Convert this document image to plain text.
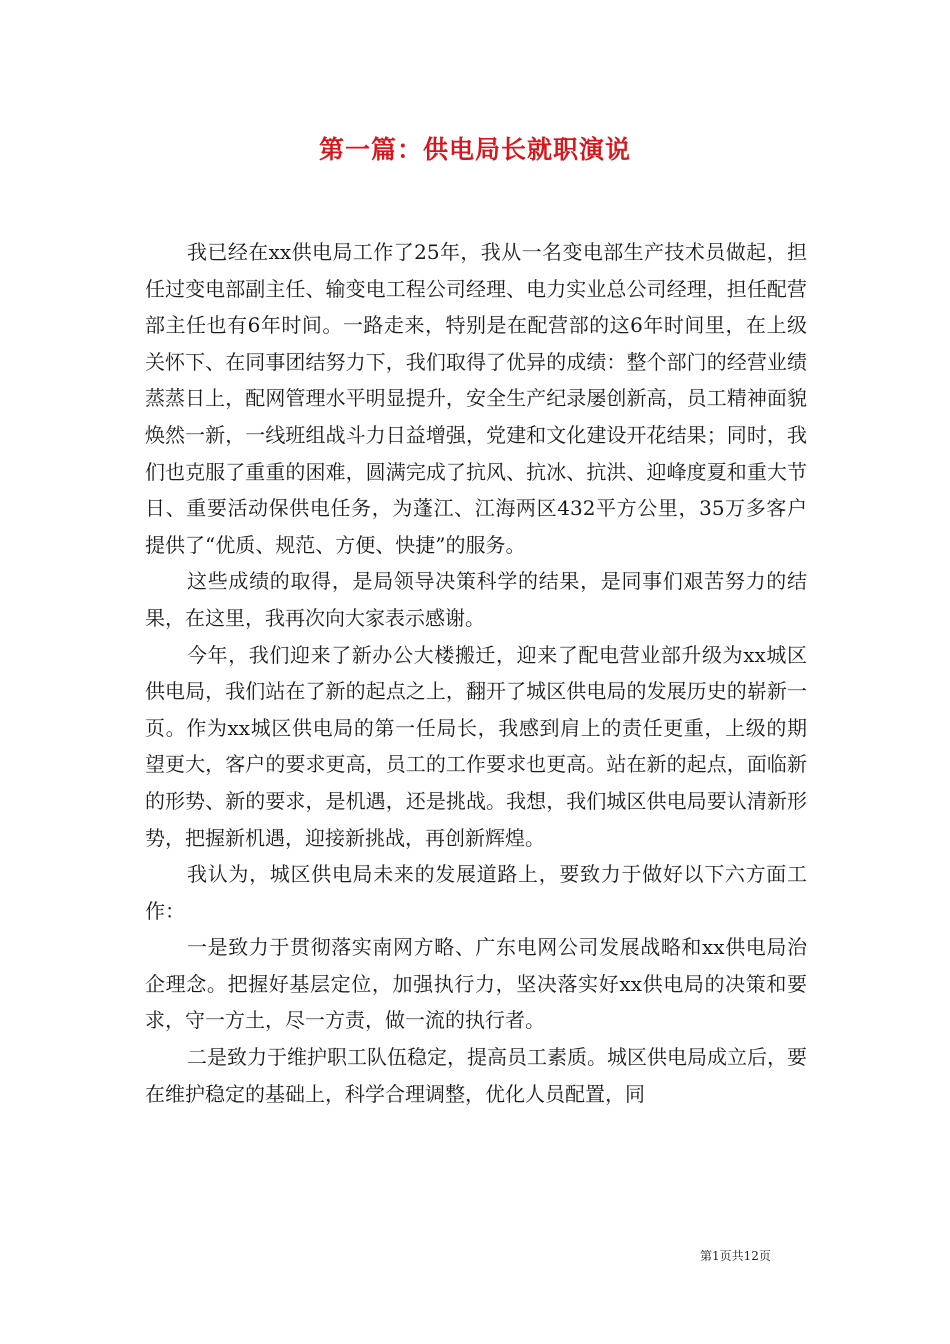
第一篇：供电局长就职演说

我已经在xx供电局工作了25年，我从一名变电部生产技术员做起，担任过变电部副主任、输变电工程公司经理、电力实业总公司经理，担任配营部主任也有6年时间。一路走来，特别是在配营部的这6年时间里，在上级关怀下、在同事团结努力下，我们取得了优异的成绩：整个部门的经营业绩蒸蒸日上，配网管理水平明显提升，安全生产纪录屡创新高，员工精神面貌焕然一新，一线班组战斗力日益增强，党建和文化建设开花结果；同时，我们也克服了重重的困难，圆满完成了抗风、抗冰、抗洪、迎峰度夏和重大节日、重要活动保供电任务，为蓬江、江海两区432平方公里，35万多客户提供了“优质、规范、方便、快捷”的服务。

这些成绩的取得，是局领导决策科学的结果，是同事们艰苦努力的结果，在这里，我再次向大家表示感谢。

今年，我们迎来了新办公大楼搬迁，迎来了配电营业部升级为xx城区供电局，我们站在了新的起点之上，翻开了城区供电局的发展历史的崭新一页。作为xx城区供电局的第一任局长，我感到肩上的责任更重，上级的期望更大，客户的要求更高，员工的工作要求也更高。站在新的起点，面临新的形势、新的要求，是机遇，还是挑战。我想，我们城区供电局要认清新形势，把握新机遇，迎接新挑战，再创新辉煌。

我认为，城区供电局未来的发展道路上，要致力于做好以下六方面工作：

一是致力于贯彻落实南网方略、广东电网公司发展战略和xx供电局治企理念。把握好基层定位，加强执行力，坚决落实好xx供电局的决策和要求，守一方土，尽一方责，做一流的执行者。

二是致力于维护职工队伍稳定，提高员工素质。城区供电局成立后，要在维护稳定的基础上，科学合理调整，优化人员配置，同

第1页共12页
